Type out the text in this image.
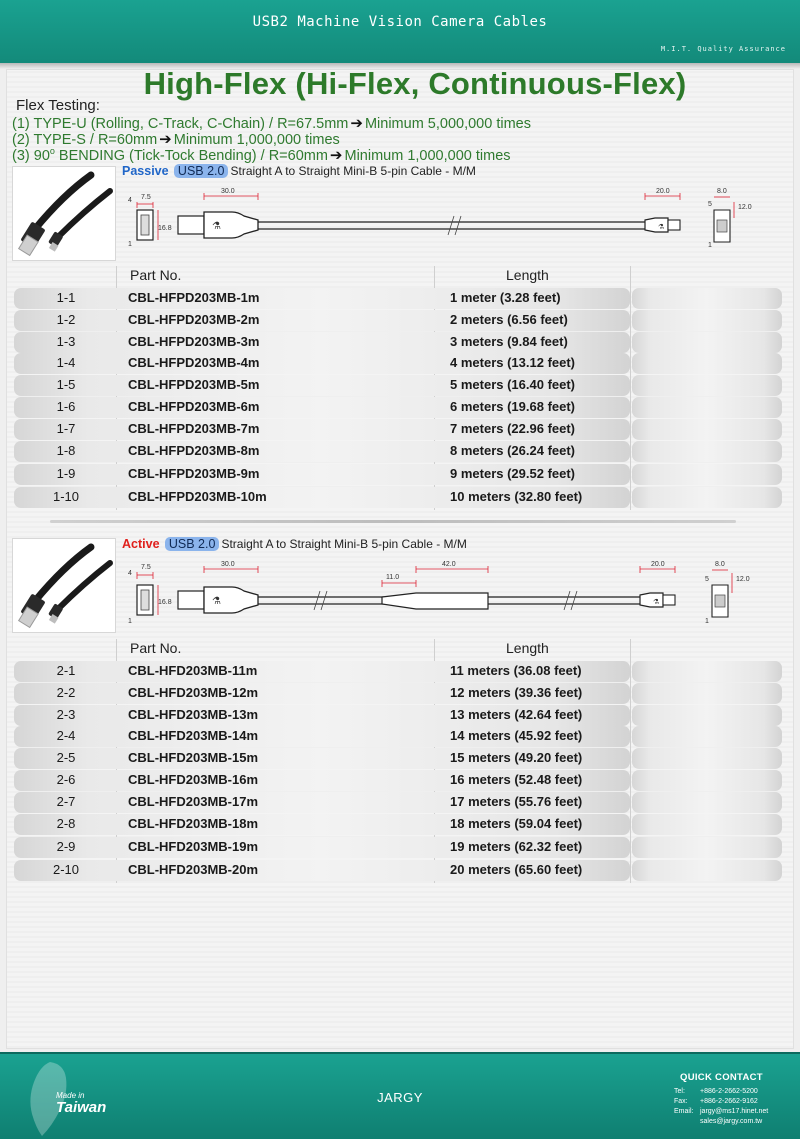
USB2 Machine Vision Camera Cables
M.I.T. Quality Assurance
High-Flex (Hi-Flex, Continuous-Flex)
Flex Testing:
(1) TYPE-U (Rolling, C-Track, C-Chain) / R=67.5mm ➔ Minimum 5,000,000 times
(2) TYPE-S / R=60mm ➔ Minimum 1,000,000 times
(3) 90$^o$ BENDING (Tick-Tock Bending) / R=60mm ➔ Minimum 1,000,000 times
Passive USB 2.0 Straight A to Straight Mini-B 5-pin Cable - M/M
7.5
16.8
4
1
⚗
30.0
⚗
20.0	8.0
12.0
5
1
Part No.	Length
1-1	CBL-HFPD203MB-1m	1 meter (3.28 feet)
1-2	CBL-HFPD203MB-2m	2 meters (6.56 feet)
1-3	CBL-HFPD203MB-3m	3 meters (9.84 feet)
1-4	CBL-HFPD203MB-4m	4 meters (13.12 feet)
1-5	CBL-HFPD203MB-5m	5 meters (16.40 feet)
1-6	CBL-HFPD203MB-6m	6 meters (19.68 feet)
1-7	CBL-HFPD203MB-7m	7 meters (22.96 feet)
1-8	CBL-HFPD203MB-8m	8 meters (26.24 feet)
1-9	CBL-HFPD203MB-9m	9 meters (29.52 feet)
1-10	CBL-HFPD203MB-10m	10 meters (32.80 feet)
Active USB 2.0 Straight A to Straight Mini-B 5-pin Cable - M/M
7.5
16.8
4
1
⚗
30.0
11.0
42.0
⚗
20.0	8.0
12.0
5
1
Part No.	Length
2-1	CBL-HFD203MB-11m	11 meters (36.08 feet)
2-2	CBL-HFD203MB-12m	12 meters (39.36 feet)
2-3	CBL-HFD203MB-13m	13 meters (42.64 feet)
2-4	CBL-HFD203MB-14m	14 meters (45.92 feet)
2-5	CBL-HFD203MB-15m	15 meters (49.20 feet)
2-6	CBL-HFD203MB-16m	16 meters (52.48 feet)
2-7	CBL-HFD203MB-17m	17 meters (55.76 feet)
2-8	CBL-HFD203MB-18m	18 meters (59.04 feet)
2-9	CBL-HFD203MB-19m	19 meters (62.32 feet)
2-10	CBL-HFD203MB-20m	20 meters (65.60 feet)
JARGY
QUICK CONTACT
Tel: +886-2-2662-5200
Fax: +886-2-2662-9162
Email: jargy@ms17.hinet.net
sales@jargy.com.tw
Made in
Taiwan
